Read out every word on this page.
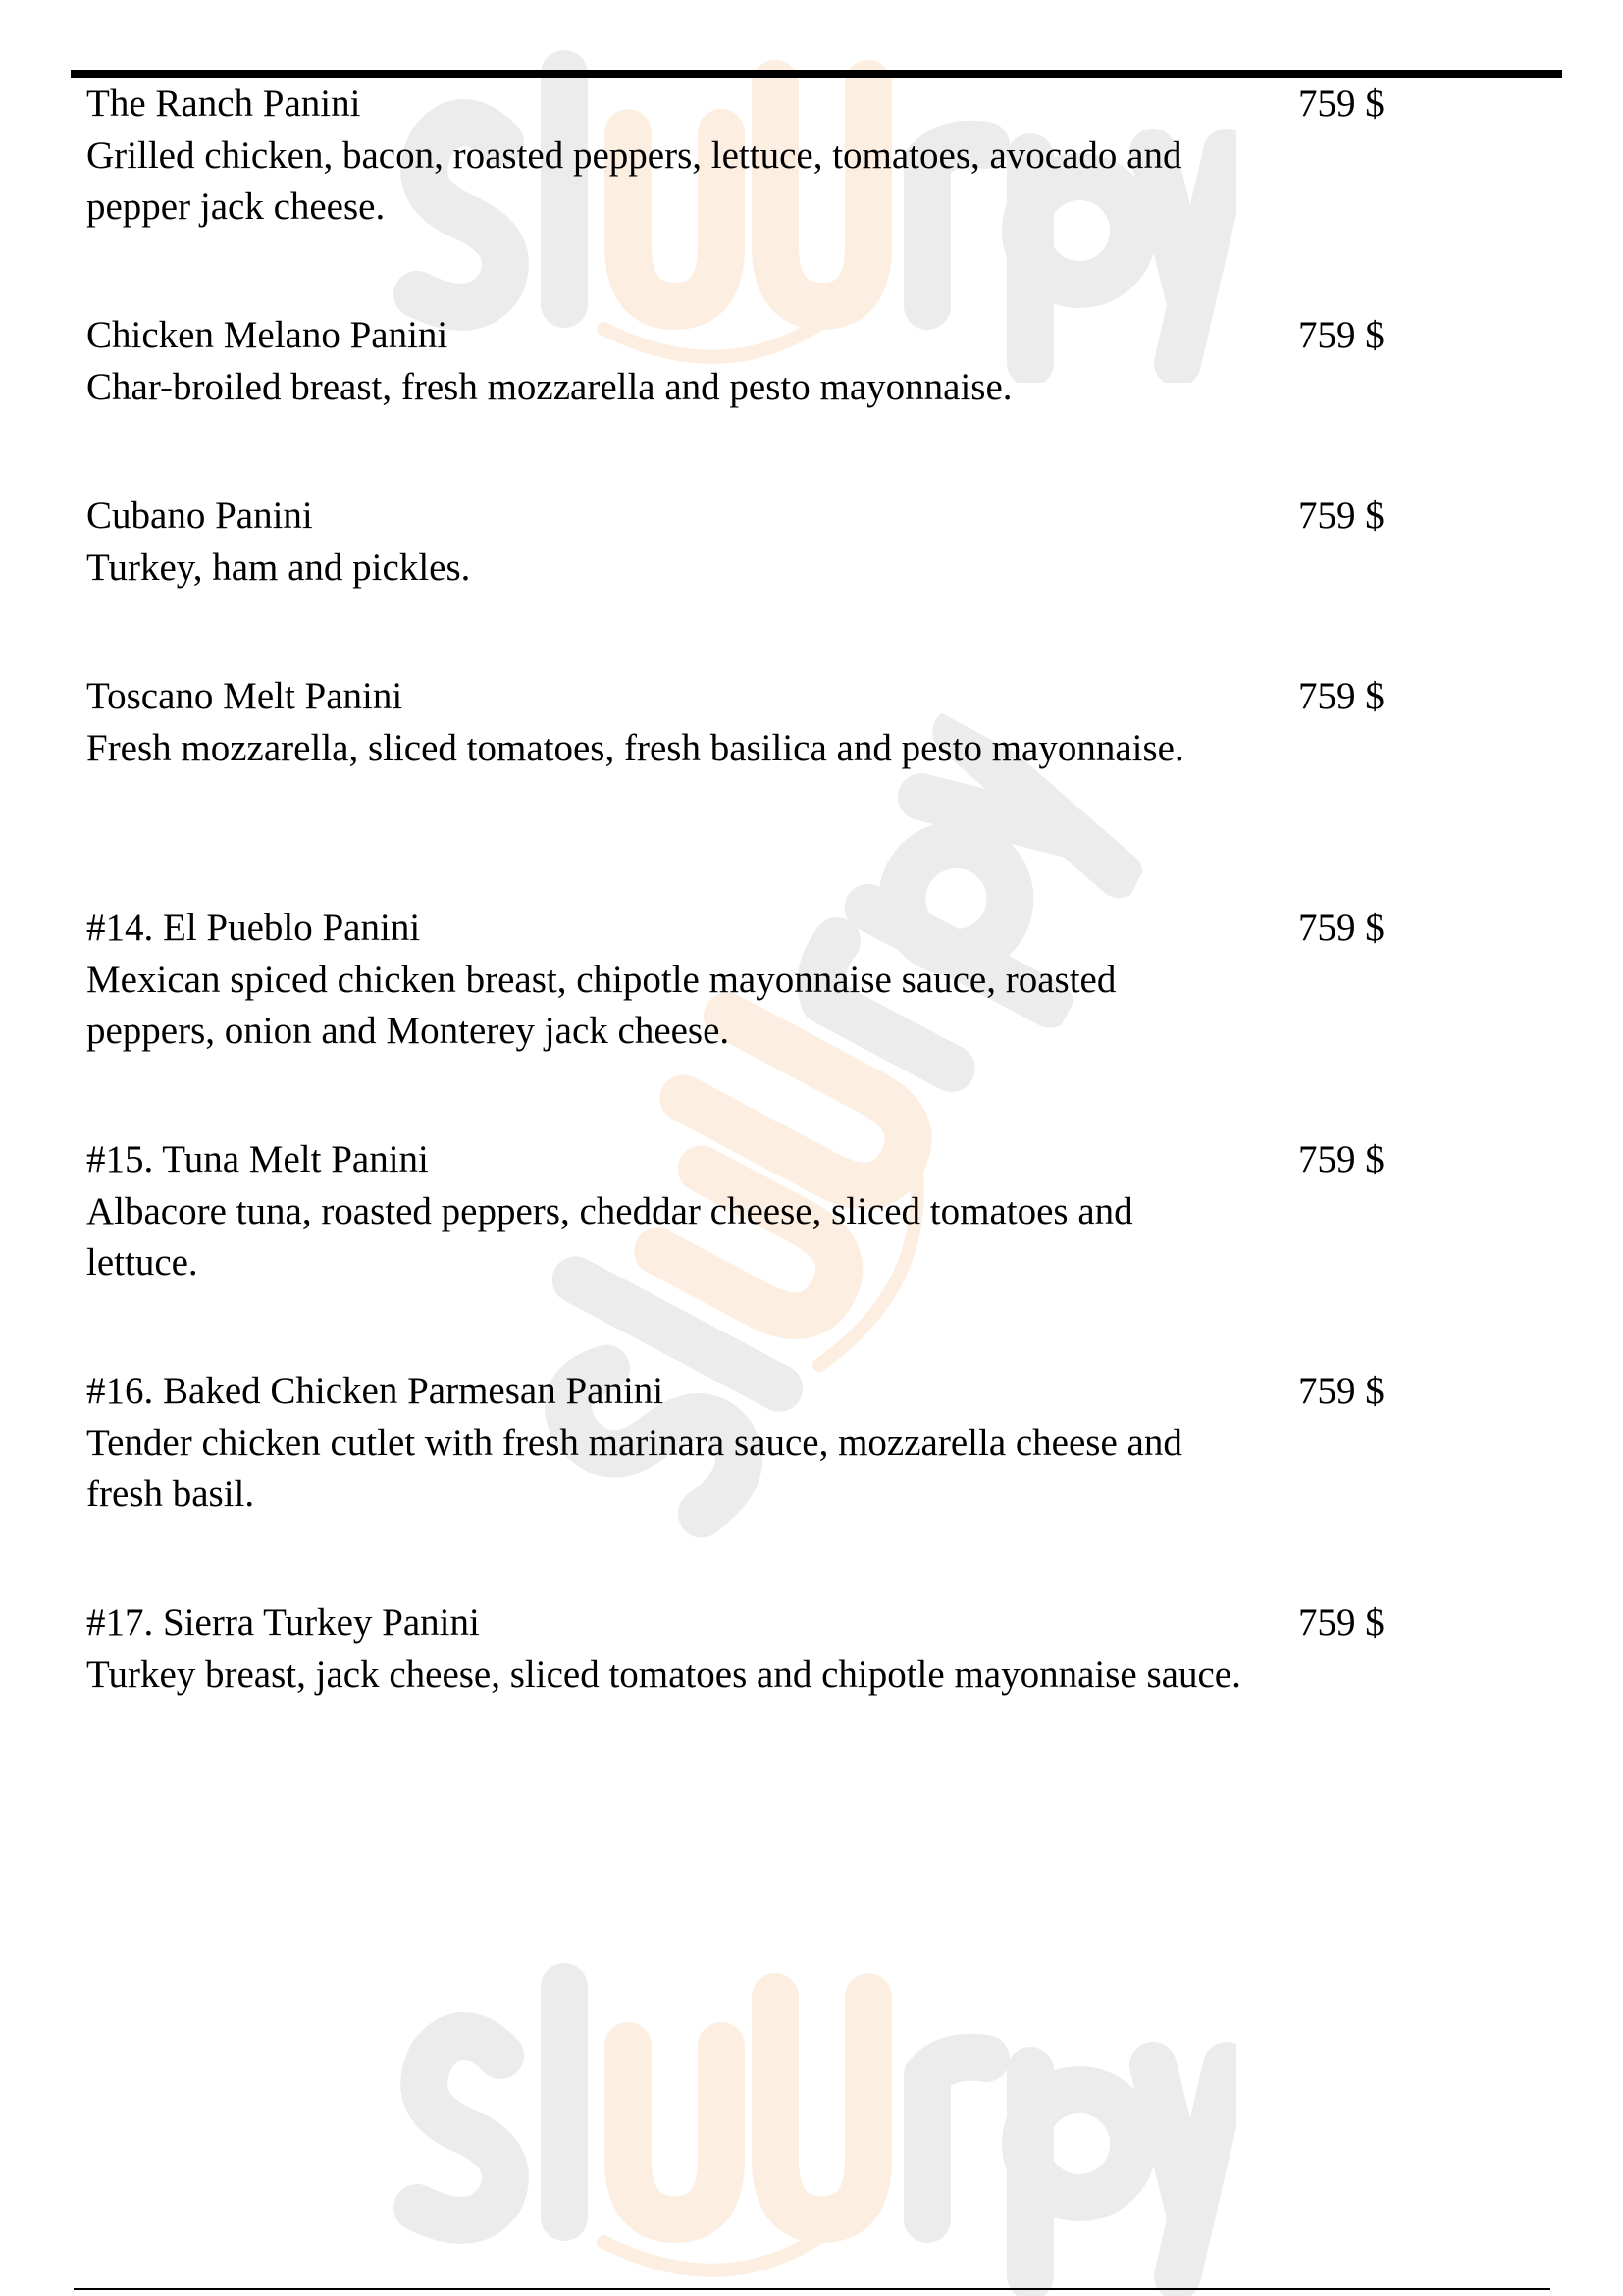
The Ranch Panini
Grilled chicken, bacon, roasted peppers, lettuce, tomatoes, avocado and pepper jack cheese.
759 $
Chicken Melano Panini
Char-broiled breast, fresh mozzarella and pesto mayonnaise.
759 $
Cubano Panini
Turkey, ham and pickles.
759 $
Toscano Melt Panini
Fresh mozzarella, sliced tomatoes, fresh basilica and pesto mayonnaise.
759 $
#14. El Pueblo Panini
Mexican spiced chicken breast, chipotle mayonnaise sauce, roasted peppers, onion and Monterey jack cheese.
759 $
#15. Tuna Melt Panini
Albacore tuna, roasted peppers, cheddar cheese, sliced tomatoes and lettuce.
759 $
#16. Baked Chicken Parmesan Panini
Tender chicken cutlet with fresh marinara sauce, mozzarella cheese and fresh basil.
759 $
#17. Sierra Turkey Panini
Turkey breast, jack cheese, sliced tomatoes and chipotle mayonnaise sauce.
759 $
